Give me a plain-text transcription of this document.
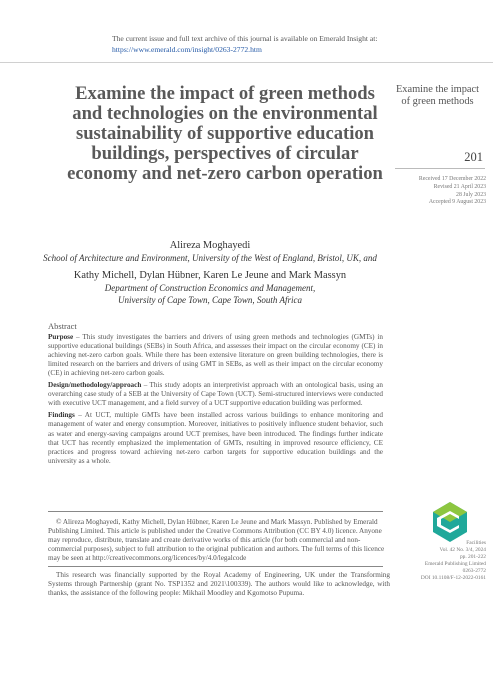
The current issue and full text archive of this journal is available on Emerald Insight at:
https://www.emerald.com/insight/0263-2772.htm
Examine the impact of green methods and technologies on the environmental sustainability of supportive education buildings, perspectives of circular economy and net-zero carbon operation
Alireza Moghayedi
School of Architecture and Environment, University of the West of England, Bristol, UK, and
Kathy Michell, Dylan Hübner, Karen Le Jeune and Mark Massyn
Department of Construction Economics and Management,
University of Cape Town, Cape Town, South Africa
Examine the impact of green methods
201
Received 17 December 2022
Revised 21 April 2023
28 July 2023
Accepted 9 August 2023
Abstract

Purpose – This study investigates the barriers and drivers of using green methods and technologies (GMTs) in supportive educational buildings (SEBs) in South Africa, and assesses their impact on the circular economy (CE) in achieving net-zero carbon goals. While there has been extensive literature on green building technologies, there is limited research on the barriers and drivers of using GMT in SEBs, as well as their impact on the circular economy (CE) in achieving net-zero carbon goals.

Design/methodology/approach – This study adopts an interpretivist approach with an ontological basis, using an overarching case study of a SEB at the University of Cape Town (UCT). Semi-structured interviews were conducted with executive UCT management, and a field survey of a UCT supportive education building was performed.

Findings – At UCT, multiple GMTs have been installed across various buildings to enhance monitoring and management of water and energy consumption. Moreover, initiatives to positively influence student behavior, such as water and energy-saving campaigns around UCT premises, have been introduced. The findings further indicate that UCT has recently emphasized the implementation of GMTs, resulting in improved resource efficiency, CE practices and progress toward achieving net-zero carbon targets for supportive education buildings and the university as a whole.

© Alireza Moghayedi, Kathy Michell, Dylan Hübner, Karen Le Jeune and Mark Massyn. Published by Emerald Publishing Limited. This article is published under the Creative Commons Attribution (CC BY 4.0) licence. Anyone may reproduce, distribute, translate and create derivative works of this article (for both commercial and non-commercial purposes), subject to full attribution to the original publication and authors. The full terms of this licence may be seen at http://creativecommons.org/licences/by/4.0/legalcode

This research was financially supported by the Royal Academy of Engineering, UK under the Transforming Systems through Partnership (grant No. TSP1352 and 2021\100339). The authors would like to acknowledge, with thanks, the assistance of the following people: Mikhail Moodley and Kgomotso Pupuma.

Facilities
Vol. 42 No. 3/4, 2024
pp. 201-222
Emerald Publishing Limited
0263-2772
DOI 10.1108/F-12-2022-0161
